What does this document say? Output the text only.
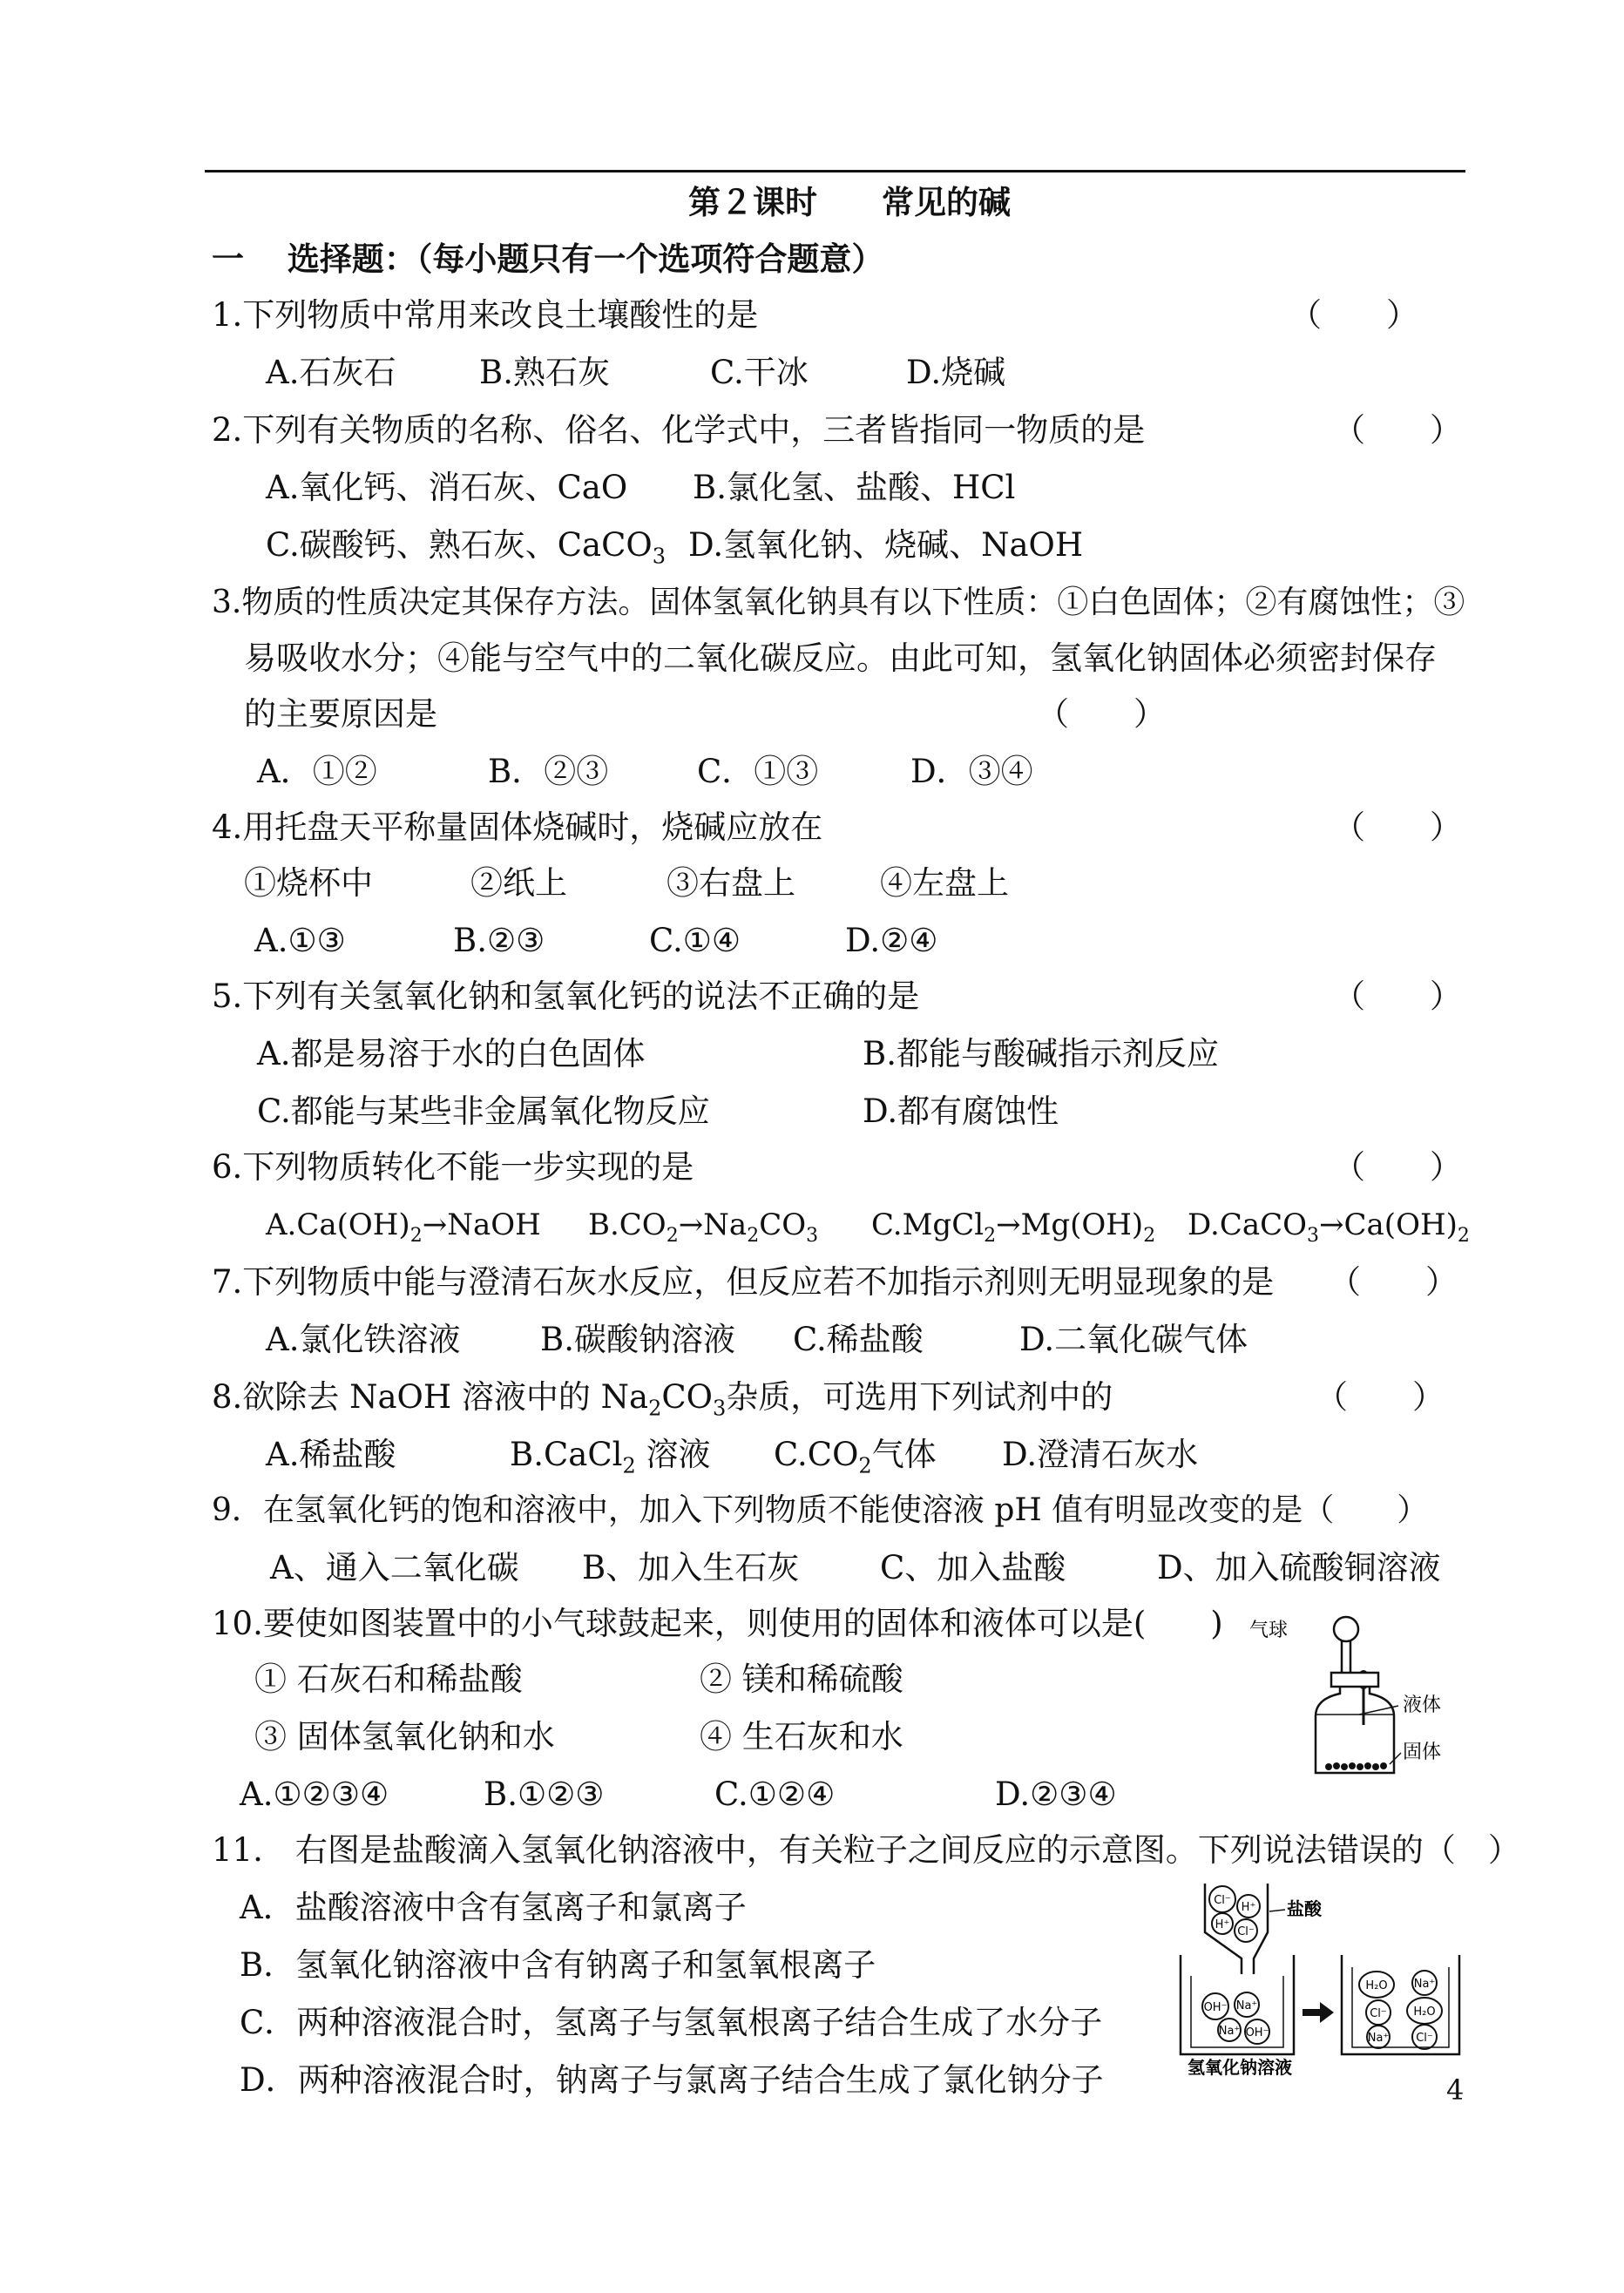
第２课时　　常见的碱
一　 选择题：（每小题只有一个选项符合题意）
1.下列物质中常用来改良土壤酸性的是	（　　）
A.石灰石	B.熟石灰	C.干冰	D.烧碱
2.下列有关物质的名称、俗名、化学式中，三者皆指同一物质的是	（　　）
A.氧化钙、消石灰、CaO B.氯化氢、盐酸、HCl
C.碳酸钙、熟石灰、CaCO$_3$ D.氢氧化钠、烧碱、NaOH
3.物质的性质决定其保存方法。固体氢氧化钠具有以下性质：①白色固体；②有腐蚀性；③
易吸收水分；④能与空气中的二氧化碳反应。由此可知，氢氧化钠固体必须密封保存
的主要原因是	（　　）
A．①②	B．②③	C．①③	D．③④
4.用托盘天平称量固体烧碱时，烧碱应放在	（　　）
①烧杯中	②纸上	③右盘上	④左盘上
A.①③	B.②③	C.①④	D.②④
5.下列有关氢氧化钠和氢氧化钙的说法不正确的是	（　　）
A.都是易溶于水的白色固体	B.都能与酸碱指示剂反应
C.都能与某些非金属氧化物反应	D.都有腐蚀性
6.下列物质转化不能一步实现的是	（　　）
$A.Ca(OH)_2\to NaOH$ $B.CO_2\to Na_2CO_3$ $C.MgCl_2\to Mg(OH)_2$ $D.CaCO_3\to Ca(OH)_2$
7.下列物质中能与澄清石灰水反应，但反应若不加指示剂则无明显现象的是 （　　）
A.氯化铁溶液 B.碳酸钠溶液 C.稀盐酸	D.二氧化碳气体
8.欲除去 NaOH 溶液中的 $Na_2CO_3$杂质，可选用下列试剂中的	（　　）
A.稀盐酸	B.CaCl$_2$ 溶液 $C.CO_2$气体 D.澄清石灰水
9．在氢氧化钙的饱和溶液中，加入下列物质不能使溶液 pH 值有明显改变的是（　　）
A、通入二氧化碳 B、加入生石灰	C、加入盐酸	D、加入硫酸铜溶液
10.要使如图装置中的小气球鼓起来，则使用的固体和液体可以是(　　)
① 石灰石和稀盐酸	② 镁和稀硫酸
③ 固体氢氧化钠和水	④ 生石灰和水
A.①②③④	B.①②③	C.①②④	D.②③④
气球
液体
固体
11.　右图是盐酸滴入氢氧化钠溶液中，有关粒子之间反应的示意图。下列说法错误的（　）
A．盐酸溶液中含有氢离子和氯离子
B．氢氧化钠溶液中含有钠离子和氢氧根离子
C．两种溶液混合时，氢离子与氢氧根离子结合生成了水分子
D．两种溶液混合时，钠离子与氯离子结合生成了氯化钠分子
Cl⁻
H⁺
H⁺
Cl⁻
盐酸
OH⁻ Na⁺
Na⁺ OH⁻
氢氧化钠溶液
H₂O Na⁺
Cl⁻ H₂O
Na⁺ Cl⁻
4
